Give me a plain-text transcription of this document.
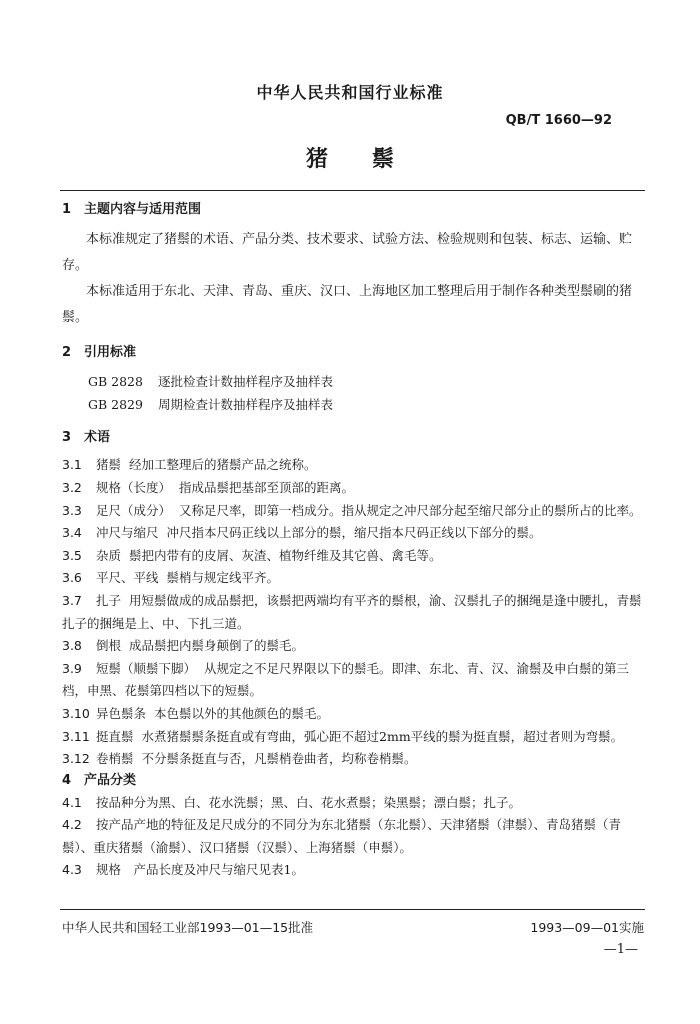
中华人民共和国行业标准
QB/T 1660—92
猪鬃
1 主题内容与适用范围

本标准规定了猪鬃的术语、产品分类、技术要求、试验方法、检验规则和包装、标志、运输、贮存。

本标准适用于东北、天津、青岛、重庆、汉口、上海地区加工整理后用于制作各种类型鬃刷的猪鬃。

2 引用标准

GB 2828 逐批检查计数抽样程序及抽样表

GB 2829 周期检查计数抽样程序及抽样表

3 术语

3.1 猪鬃 经加工整理后的猪鬃产品之统称。

3.2 规格（长度） 指成品鬃把基部至顶部的距离。

3.3 足尺（成分） 又称足尺率，即第一档成分。指从规定之冲尺部分起至缩尺部分止的鬃所占的比率。

3.4 冲尺与缩尺 冲尺指本尺码正线以上部分的鬃，缩尺指本尺码正线以下部分的鬃。

3.5 杂质 鬃把内带有的皮屑、灰渣、植物纤维及其它兽、禽毛等。

3.6 平尺、平线 鬃梢与规定线平齐。

3.7 扎子 用短鬃做成的成品鬃把，该鬃把两端均有平齐的鬃根，渝、汉鬃扎子的捆绳是逢中腰扎，青鬃扎子的捆绳是上、中、下扎三道。

3.8 倒根 成品鬃把内鬃身颠倒了的鬃毛。

3.9 短鬃（顺鬃下脚） 从规定之不足尺界限以下的鬃毛。即津、东北、青、汉、渝鬃及申白鬃的第三档，申黑、花鬃第四档以下的短鬃。

3.10 异色鬃条 本色鬃以外的其他颜色的鬃毛。

3.11 挺直鬃 水煮猪鬃鬃条挺直或有弯曲，弧心距不超过2mm平线的鬃为挺直鬃，超过者则为弯鬃。

3.12 卷梢鬃 不分鬃条挺直与否，凡鬃梢卷曲者，均称卷梢鬃。

4 产品分类

4.1 按品种分为黑、白、花水洗鬃；黑、白、花水煮鬃；染黑鬃；漂白鬃；扎子。

4.2 按产品产地的特征及足尺成分的不同分为东北猪鬃（东北鬃）、天津猪鬃（津鬃）、青岛猪鬃（青鬃）、重庆猪鬃（渝鬃）、汉口猪鬃（汉鬃）、上海猪鬃（申鬃）。

4.3 规格　产品长度及冲尺与缩尺见表1。

中华人民共和国轻工业部1993—01—15批准	1993—09—01实施
—1—
